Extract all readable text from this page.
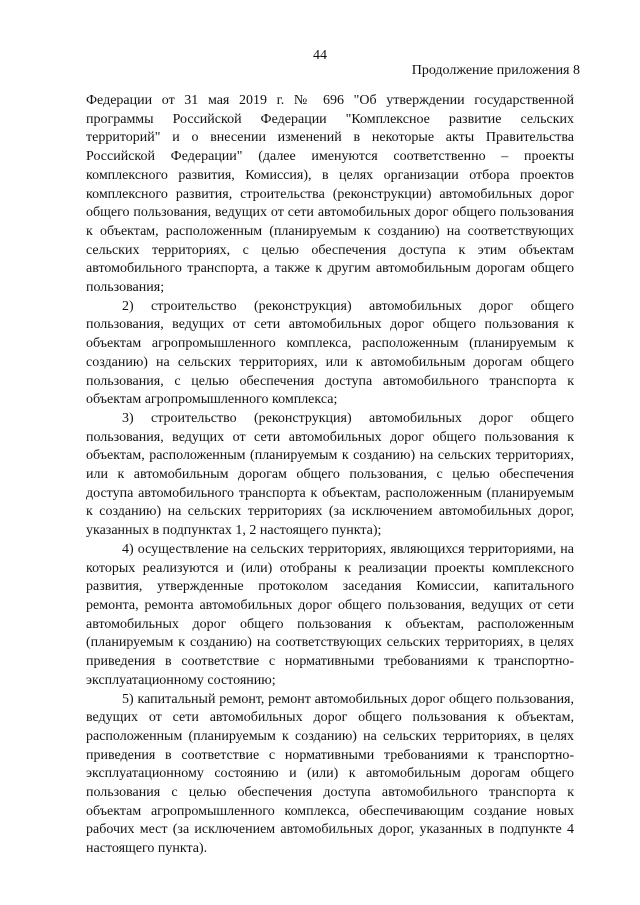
44
Продолжение приложения 8

Федерации от 31 мая 2019 г. № 696 "Об утверждении государственной программы Российской Федерации "Комплексное развитие сельских территорий" и о внесении изменений в некоторые акты Правительства Российской Федерации" (далее именуются соответственно – проекты комплексного развития, Комиссия), в целях организации отбора проектов комплексного развития, строительства (реконструкции) автомобильных дорог общего пользования, ведущих от сети автомобильных дорог общего пользования к объектам, расположенным (планируемым к созданию) на соответствующих сельских территориях, с целью обеспечения доступа к этим объектам автомобильного транспорта, а также к другим автомобильным дорогам общего пользования;

2) строительство (реконструкция) автомобильных дорог общего пользования, ведущих от сети автомобильных дорог общего пользования к объектам агропромышленного комплекса, расположенным (планируемым к созданию) на сельских территориях, или к автомобильным дорогам общего пользования, с целью обеспечения доступа автомобильного транспорта к объектам агропромышленного комплекса;

3) строительство (реконструкция) автомобильных дорог общего пользования, ведущих от сети автомобильных дорог общего пользования к объектам, расположенным (планируемым к созданию) на сельских территориях, или к автомобильным дорогам общего пользования, с целью обеспечения доступа автомобильного транспорта к объектам, расположенным (планируемым к созданию) на сельских территориях (за исключением автомобильных дорог, указанных в подпунктах 1, 2 настоящего пункта);

4) осуществление на сельских территориях, являющихся территориями, на которых реализуются и (или) отобраны к реализации проекты комплексного развития, утвержденные протоколом заседания Комиссии, капитального ремонта, ремонта автомобильных дорог общего пользования, ведущих от сети автомобильных дорог общего пользования к объектам, расположенным (планируемым к созданию) на соответствующих сельских территориях, в целях приведения в соответствие с нормативными требованиями к транспортно-эксплуатационному состоянию;

5) капитальный ремонт, ремонт автомобильных дорог общего пользования, ведущих от сети автомобильных дорог общего пользования к объектам, расположенным (планируемым к созданию) на сельских территориях, в целях приведения в соответствие с нормативными требованиями к транспортно-эксплуатационному состоянию и (или) к автомобильным дорогам общего пользования с целью обеспечения доступа автомобильного транспорта к объектам агропромышленного комплекса, обеспечивающим создание новых рабочих мест (за исключением автомобильных дорог, указанных в подпункте 4 настоящего пункта).
